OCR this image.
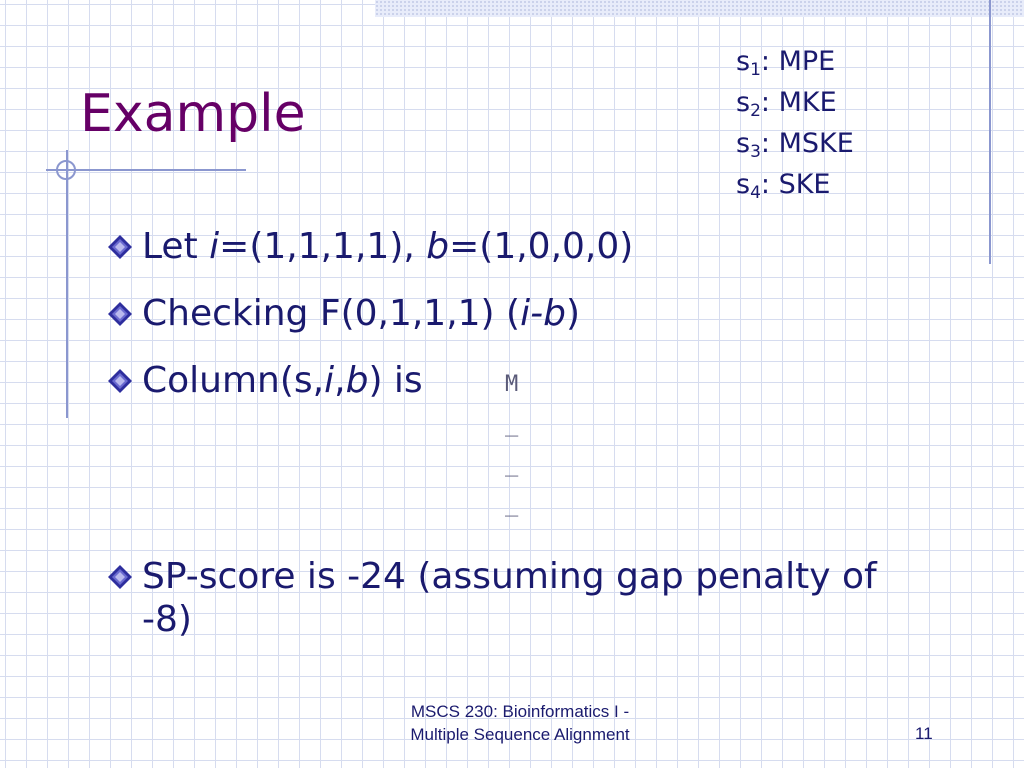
Example
$s_1$: MPE
$s_2$: MKE
$s_3$: MSKE
$s_4$: SKE
Let i=(1,1,1,1), b=(1,0,0,0)
Checking F(0,1,1,1) (i-b)
Column(s,i,b) is	M
_
_
_
SP-score is -24 (assuming gap penalty of -8)
MSCS 230: Bioinformatics I -
Multiple Sequence Alignment	11
